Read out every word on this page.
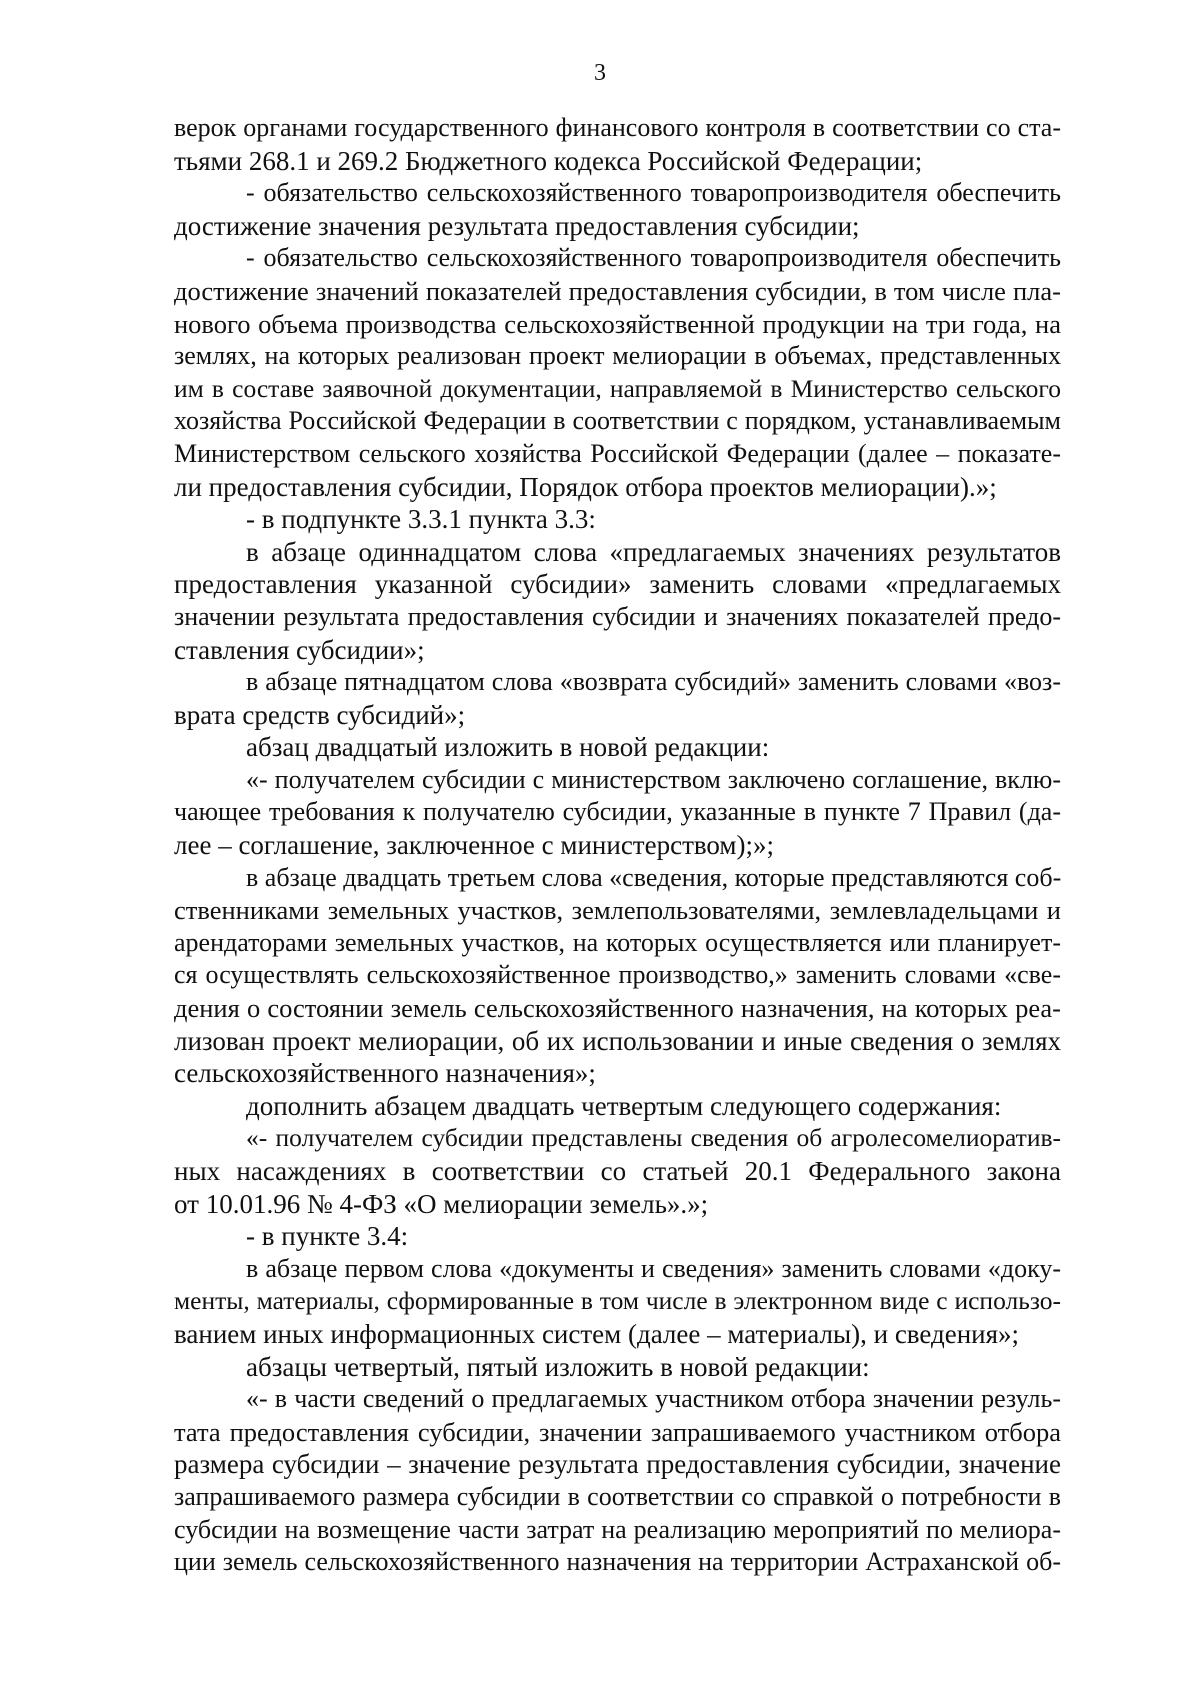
3
верок органами государственного финансового контроля в соответствии со ста-
тьями 268.1 и 269.2 Бюджетного кодекса Российской Федерации;
- обязательство сельскохозяйственного товаропроизводителя обеспечить
достижение значения результата предоставления субсидии;
- обязательство сельскохозяйственного товаропроизводителя обеспечить
достижение значений показателей предоставления субсидии, в том числе пла-
нового объема производства сельскохозяйственной продукции на три года, на
землях, на которых реализован проект мелиорации в объемах, представленных
им в составе заявочной документации, направляемой в Министерство сельского
хозяйства Российской Федерации в соответствии с порядком, устанавливаемым
Министерством сельского хозяйства Российской Федерации (далее – показате-
ли предоставления субсидии, Порядок отбора проектов мелиорации).»;
- в подпункте 3.3.1 пункта 3.3:
в абзаце одиннадцатом слова «предлагаемых значениях результатов
предоставления указанной субсидии» заменить словами «предлагаемых
значении результата предоставления субсидии и значениях показателей предо-
ставления субсидии»;
в абзаце пятнадцатом слова «возврата субсидий» заменить словами «воз-
врата средств субсидий»;
абзац двадцатый изложить в новой редакции:
«- получателем субсидии с министерством заключено соглашение, вклю-
чающее требования к получателю субсидии, указанные в пункте 7 Правил (да-
лее – соглашение, заключенное с министерством);»;
в абзаце двадцать третьем слова «сведения, которые представляются соб-
ственниками земельных участков, землепользователями, землевладельцами и
арендаторами земельных участков, на которых осуществляется или планирует-
ся осуществлять сельскохозяйственное производство,» заменить словами «све-
дения о состоянии земель сельскохозяйственного назначения, на которых реа-
лизован проект мелиорации, об их использовании и иные сведения о землях
сельскохозяйственного назначения»;
дополнить абзацем двадцать четвертым следующего содержания:
«- получателем субсидии представлены сведения об агролесомелиоратив-
ных насаждениях в соответствии со статьей 20.1 Федерального закона
от 10.01.96 № 4-ФЗ «О мелиорации земель».»;
- в пункте 3.4:
в абзаце первом слова «документы и сведения» заменить словами «доку-
менты, материалы, сформированные в том числе в электронном виде с использо-
ванием иных информационных систем (далее – материалы), и сведения»;
абзацы четвертый, пятый изложить в новой редакции:
«- в части сведений о предлагаемых участником отбора значении резуль-
тата предоставления субсидии, значении запрашиваемого участником отбора
размера субсидии – значение результата предоставления субсидии, значение
запрашиваемого размера субсидии в соответствии со справкой о потребности в
субсидии на возмещение части затрат на реализацию мероприятий по мелиора-
ции земель сельскохозяйственного назначения на территории Астраханской об-
